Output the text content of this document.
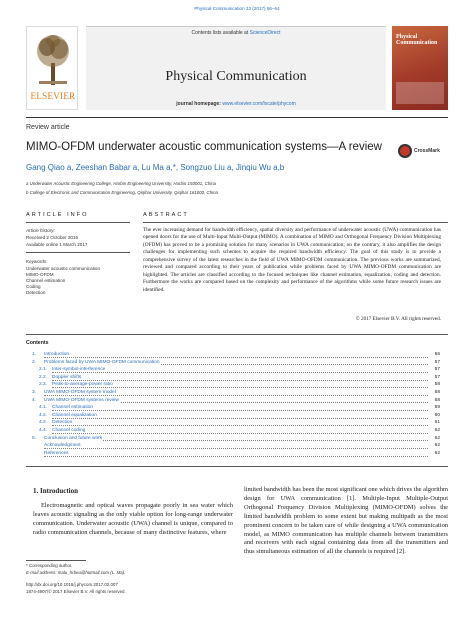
Physical Communication 23 (2017) 56–64
ELSEVIER
Contents lists available at ScienceDirect
Physical Communication
journal homepage: www.elsevier.com/locate/phycom
Physical Communication
Review article
MIMO-OFDM underwater acoustic communication systems—A review	CrossMark
Gang Qiao a, Zeeshan Babar a, Lu Ma a,*, Songzuo Liu a, Jinqiu Wu a,b
a Underwater Acoustic Engineering College, Harbin Engineering University, Harbin 150001, China
b College of Electronic and Communication Engineering, Qiqihar University, Qiqihar 161000, China
ARTICLE INFO	ABSTRACT
Article history:
Received 2 October 2016
Available online 1 March 2017
Keywords:
Underwater acoustic communication
MIMO-OFDM
Channel estimation
Coding
Detection
The ever increasing demand for bandwidth efficiency, spatial diversity and performance of underwater acoustic (UWA) communication has opened doors for the use of Multi-Input Multi-Output (MIMO). A combination of MIMO and Orthogonal Frequency Division Multiplexing (OFDM) has proved to be a promising solution for many scenarios in UWA communication; on the contrary, it also amplifies the design challenges for implementing such schemes to acquire the required bandwidth efficiency. The goal of this study is to provide a comprehensive survey of the latest researches in the field of UWA MIMO-OFDM communication. The previous works are summarized, reviewed and compared according to their years of publication while problems faced by UWA MIMO-OFDM communication are highlighted. The articles are classified according to the focused techniques like channel estimation, equalization, coding and detection. Furthermore the works are compared based on the complexity and performance of the algorithms while some future research issues are identified.
© 2017 Elsevier B.V. All rights reserved.
Contents
1. Introduction	56
2. Problems faced by UWA MIMO-OFDM communication	57
2.1. Inter-symbol-interference	57
2.2. Doppler shifts	57
2.3. Peak-to-average-power ratio	58
3. UWA MIMO-OFDM system model	58
4. UWA MIMO-OFDM systems review	58
4.1. Channel estimation	59
4.2. Channel equalization	60
4.3. Detection	61
4.4. Channel coding	62
5. Conclusion and future work	62
Acknowledgment	62
References	62
1. Introduction
Electromagnetic and optical waves propagate poorly in sea water which leaves acoustic signaling as the only viable option for long-range underwater communication. Underwater acoustic (UWA) channel is unique, compared to radio communication channels, because of many distinctive features, where
limited bandwidth has been the most significant one which drives the algorithm design for UWA communication [1]. Multiple-Input Multiple-Output Orthogonal Frequency Division Multiplexing (MIMO-OFDM) solves the limited bandwidth problem to some extent but making multipath as the most prominent concern to be taken care of while designing a UWA communication model, as MIMO communication has multiple channels between transmitters and receivers with each signal containing data from all the transmitters and thus simultaneous estimation of all the channels is required [2].
* Corresponding author.
E-mail address: malu_hrbeu@hotmail.com (L. Ma).
http://dx.doi.org/10.1016/j.phycom.2017.02.007
1874-4907/© 2017 Elsevier B.V. All rights reserved.
